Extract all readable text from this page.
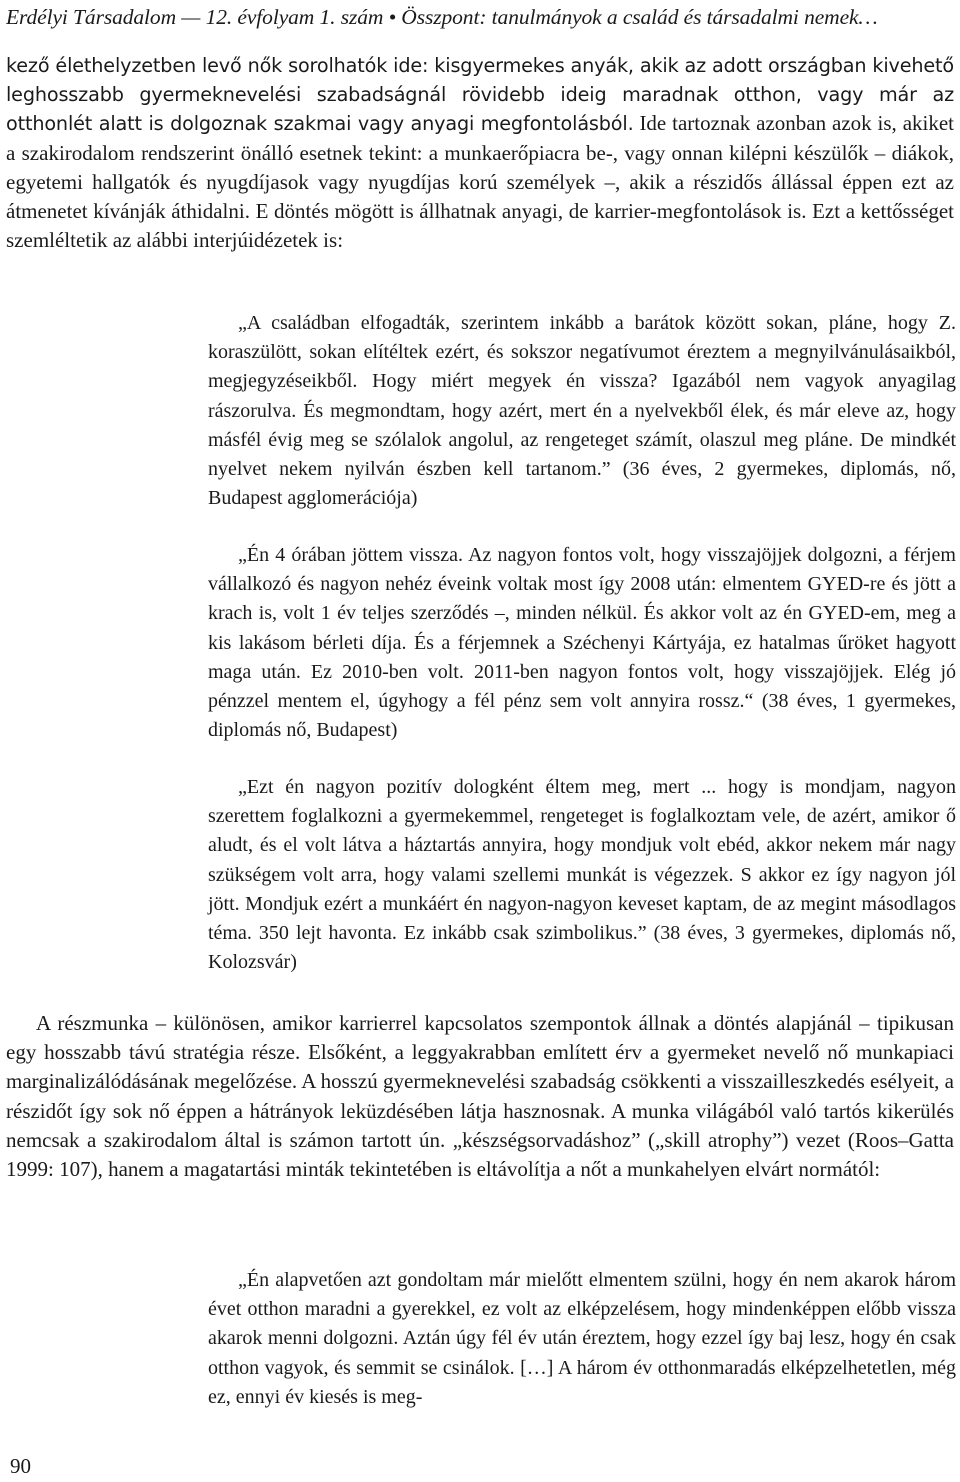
Erdélyi Társadalom — 12. évfolyam 1. szám • Összpont: tanulmányok a család és társadalmi nemek…
kező élethelyzetben levő nők sorolhatók ide: kisgyermekes anyák, akik az adott országban kivehető leghosszabb gyermeknevelési szabadságnál rövidebb ideig maradnak otthon, vagy már az otthonlét alatt is dolgoznak szakmai vagy anyagi megfontolásból. Ide tartoznak azonban azok is, akiket a szakirodalom rendszerint önálló esetnek tekint: a munkaerőpiacra be-, vagy onnan kilépni készülők – diákok, egyetemi hallgatók és nyugdíjasok vagy nyugdíjas korú személyek –, akik a részidős állással éppen ezt az átmenetet kívánják áthidalni. E döntés mögött is állhatnak anyagi, de karrier-megfontolások is. Ezt a kettősséget szemléltetik az alábbi interjúidézetek is:
„A családban elfogadták, szerintem inkább a barátok között sokan, pláne, hogy Z. koraszülött, sokan elítéltek ezért, és sokszor negatívumot éreztem a megnyilvánulásaikból, megjegyzéseikből. Hogy miért megyek én vissza? Igazából nem vagyok anyagilag rászorulva. És megmondtam, hogy azért, mert én a nyelvekből élek, és már eleve az, hogy másfél évig meg se szólalok angolul, az rengeteget számít, olaszul meg pláne. De mindkét nyelvet nekem nyilván észben kell tartanom.” (36 éves, 2 gyermekes, diplomás, nő, Budapest agglomerációja)
„Én 4 órában jöttem vissza. Az nagyon fontos volt, hogy visszajöjjek dolgozni, a férjem vállalkozó és nagyon nehéz éveink voltak most így 2008 után: elmentem GYED-re és jött a krach is, volt 1 év teljes szerződés –, minden nélkül. És akkor volt az én GYED-em, meg a kis lakásom bérleti díja. És a férjemnek a Széchenyi Kártyája, ez hatalmas űröket hagyott maga után. Ez 2010-ben volt. 2011-ben nagyon fontos volt, hogy visszajöjjek. Elég jó pénzzel mentem el, úgyhogy a fél pénz sem volt annyira rossz.“ (38 éves, 1 gyermekes, diplomás nő, Budapest)
„Ezt én nagyon pozitív dologként éltem meg, mert ... hogy is mondjam, nagyon szerettem foglalkozni a gyermekemmel, rengeteget is foglalkoztam vele, de azért, amikor ő aludt, és el volt látva a háztartás annyira, hogy mondjuk volt ebéd, akkor nekem már nagy szükségem volt arra, hogy valami szellemi munkát is végezzek. S akkor ez így nagyon jól jött. Mondjuk ezért a munkáért én nagyon-nagyon keveset kaptam, de az megint másodlagos téma. 350 lejt havonta. Ez inkább csak szimbolikus.” (38 éves, 3 gyermekes, diplomás nő, Kolozsvár)
A részmunka – különösen, amikor karrierrel kapcsolatos szempontok állnak a döntés alapjánál – tipikusan egy hosszabb távú stratégia része. Elsőként, a leggyakrabban említett érv a gyermeket nevelő nő munkapiaci marginalizálódásának megelőzése. A hosszú gyermeknevelési szabadság csökkenti a visszailleszkedés esélyeit, a részidőt így sok nő éppen a hátrányok leküzdésében látja hasznosnak. A munka világából való tartós kikerülés nemcsak a szakirodalom által is számon tartott ún. „készségsorvadáshoz” („skill atrophy”) vezet (Roos–Gatta 1999: 107), hanem a magatartási minták tekintetében is eltávolítja a nőt a munkahelyen elvárt normától:
„Én alapvetően azt gondoltam már mielőtt elmentem szülni, hogy én nem akarok három évet otthon maradni a gyerekkel, ez volt az elképzelésem, hogy mindenképpen előbb vissza akarok menni dolgozni. Aztán úgy fél év után éreztem, hogy ezzel így baj lesz, hogy én csak otthon vagyok, és semmit se csinálok. […] A három év otthonmaradás elképzelhetetlen, még ez, ennyi év kiesés is meg-
90
